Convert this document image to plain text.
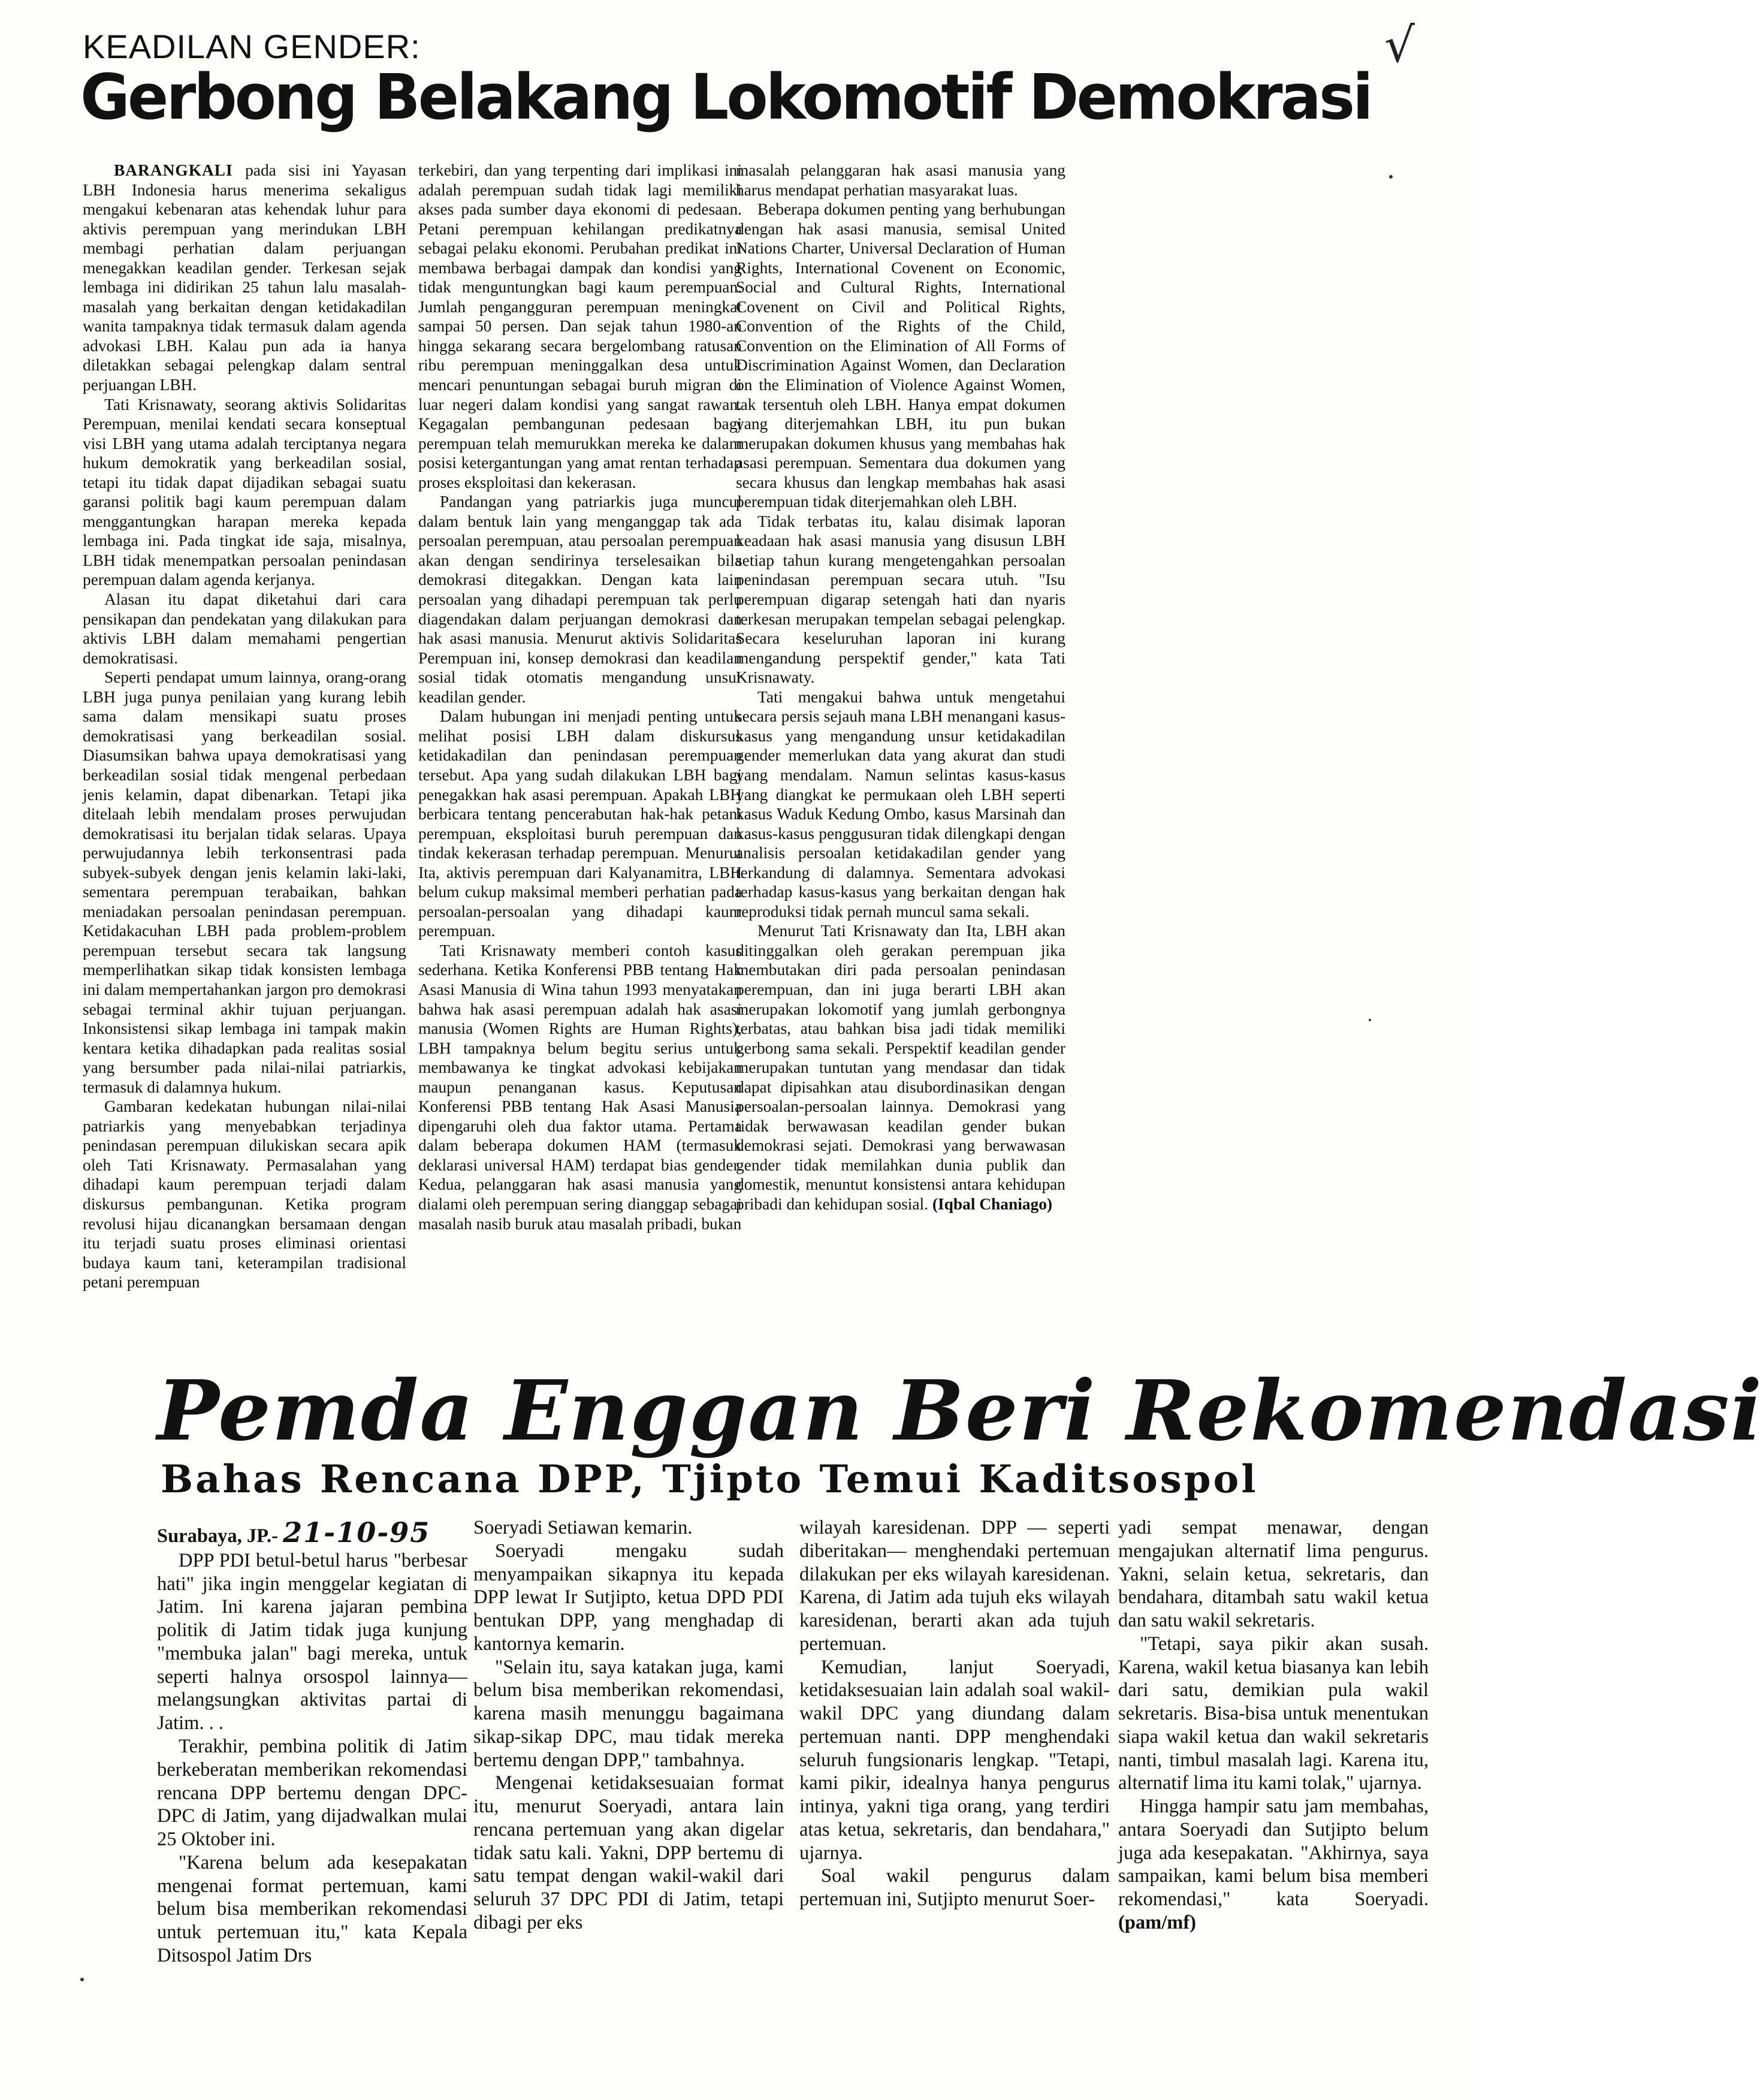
KEADILAN GENDER:	√
Gerbong Belakang Lokomotif Demokrasi

BARANGKALI pada sisi ini Yayasan LBH Indonesia harus menerima sekaligus mengakui kebenaran atas kehendak luhur para aktivis perempuan yang merindukan LBH membagi perhatian dalam perjuangan menegakkan keadilan gender. Terkesan sejak lembaga ini didirikan 25 tahun lalu masalah-masalah yang berkaitan dengan ketidakadilan wanita tampaknya tidak termasuk dalam agenda advokasi LBH. Kalau pun ada ia hanya diletakkan sebagai pelengkap dalam sentral perjuangan LBH.

Tati Krisnawaty, seorang aktivis Solidaritas Perempuan, menilai kendati secara konseptual visi LBH yang utama adalah terciptanya negara hukum demokratik yang berkeadilan sosial, tetapi itu tidak dapat dijadikan sebagai suatu garansi politik bagi kaum perempuan dalam menggantungkan harapan mereka kepada lembaga ini. Pada tingkat ide saja, misalnya, LBH tidak menempatkan persoalan penindasan perempuan dalam agenda kerjanya.

Alasan itu dapat diketahui dari cara pensikapan dan pendekatan yang dilakukan para aktivis LBH dalam memahami pengertian demokratisasi.

Seperti pendapat umum lainnya, orang-orang LBH juga punya penilaian yang kurang lebih sama dalam mensikapi suatu proses demokratisasi yang berkeadilan sosial. Diasumsikan bahwa upaya demokratisasi yang berkeadilan sosial tidak mengenal perbedaan jenis kelamin, dapat dibenarkan. Tetapi jika ditelaah lebih mendalam proses perwujudan demokratisasi itu berjalan tidak selaras. Upaya perwujudannya lebih terkonsentrasi pada subyek-subyek dengan jenis kelamin laki-laki, sementara perempuan terabaikan, bahkan meniadakan persoalan penindasan perempuan. Ketidakacuhan LBH pada problem-problem perempuan tersebut secara tak langsung memperlihatkan sikap tidak konsisten lembaga ini dalam mempertahankan jargon pro demokrasi sebagai terminal akhir tujuan perjuangan. Inkonsistensi sikap lembaga ini tampak makin kentara ketika dihadapkan pada realitas sosial yang bersumber pada nilai-nilai patriarkis, termasuk di dalamnya hukum.

Gambaran kedekatan hubungan nilai-nilai patriarkis yang menyebabkan terjadinya penindasan perempuan dilukiskan secara apik oleh Tati Krisnawaty. Permasalahan yang dihadapi kaum perempuan terjadi dalam diskursus pembangunan. Ketika program revolusi hijau dicanangkan bersamaan dengan itu terjadi suatu proses eliminasi orientasi budaya kaum tani, keterampilan tradisional petani perempuan

terkebiri, dan yang terpenting dari implikasi ini adalah perempuan sudah tidak lagi memiliki akses pada sumber daya ekonomi di pedesaan. Petani perempuan kehilangan predikatnya sebagai pelaku ekonomi. Perubahan predikat ini membawa berbagai dampak dan kondisi yang tidak menguntungkan bagi kaum perempuan. Jumlah pengangguran perempuan meningkat sampai 50 persen. Dan sejak tahun 1980-an hingga sekarang secara bergelombang ratusan ribu perempuan meninggalkan desa untuk mencari penuntungan sebagai buruh migran di luar negeri dalam kondisi yang sangat rawan. Kegagalan pembangunan pedesaan bagi perempuan telah memurukkan mereka ke dalam posisi ketergantungan yang amat rentan terhadap proses eksploitasi dan kekerasan.

Pandangan yang patriarkis juga muncul dalam bentuk lain yang menganggap tak ada persoalan perempuan, atau persoalan perempuan akan dengan sendirinya terselesaikan bila demokrasi ditegakkan. Dengan kata lain persoalan yang dihadapi perempuan tak perlu diagendakan dalam perjuangan demokrasi dan hak asasi manusia. Menurut aktivis Solidaritas Perempuan ini, konsep demokrasi dan keadilan sosial tidak otomatis mengandung unsur keadilan gender.

Dalam hubungan ini menjadi penting untuk melihat posisi LBH dalam diskursus ketidakadilan dan penindasan perempuan tersebut. Apa yang sudah dilakukan LBH bagi penegakkan hak asasi perempuan. Apakah LBH berbicara tentang pencerabutan hak-hak petani perempuan, eksploitasi buruh perempuan dan tindak kekerasan terhadap perempuan. Menurut Ita, aktivis perempuan dari Kalyanamitra, LBH belum cukup maksimal memberi perhatian pada persoalan-persoalan yang dihadapi kaum perempuan.

Tati Krisnawaty memberi contoh kasus sederhana. Ketika Konferensi PBB tentang Hak Asasi Manusia di Wina tahun 1993 menyatakan bahwa hak asasi perempuan adalah hak asasi manusia (Women Rights are Human Rights), LBH tampaknya belum begitu serius untuk membawanya ke tingkat advokasi kebijakan maupun penanganan kasus. Keputusan Konferensi PBB tentang Hak Asasi Manusia dipengaruhi oleh dua faktor utama. Pertama dalam beberapa dokumen HAM (termasuk deklarasi universal HAM) terdapat bias gender. Kedua, pelanggaran hak asasi manusia yang dialami oleh perempuan sering dianggap sebagai masalah nasib buruk atau masalah pribadi, bukan

masalah pelanggaran hak asasi manusia yang harus mendapat perhatian masyarakat luas.

Beberapa dokumen penting yang berhubungan dengan hak asasi manusia, semisal United Nations Charter, Universal Declaration of Human Rights, International Covenent on Economic, Social and Cultural Rights, International Covenent on Civil and Political Rights, Convention of the Rights of the Child, Convention on the Elimination of All Forms of Discrimination Against Women, dan Declaration on the Elimination of Violence Against Women, tak tersentuh oleh LBH. Hanya empat dokumen yang diterjemahkan LBH, itu pun bukan merupakan dokumen khusus yang membahas hak asasi perempuan. Sementara dua dokumen yang secara khusus dan lengkap membahas hak asasi perempuan tidak diterjemahkan oleh LBH.

Tidak terbatas itu, kalau disimak laporan keadaan hak asasi manusia yang disusun LBH setiap tahun kurang mengetengahkan persoalan penindasan perempuan secara utuh. "Isu perempuan digarap setengah hati dan nyaris terkesan merupakan tempelan sebagai pelengkap. Secara keseluruhan laporan ini kurang mengandung perspektif gender," kata Tati Krisnawaty.

Tati mengakui bahwa untuk mengetahui secara persis sejauh mana LBH menangani kasus-kasus yang mengandung unsur ketidakadilan gender memerlukan data yang akurat dan studi yang mendalam. Namun selintas kasus-kasus yang diangkat ke permukaan oleh LBH seperti kasus Waduk Kedung Ombo, kasus Marsinah dan kasus-kasus penggusuran tidak dilengkapi dengan analisis persoalan ketidakadilan gender yang terkandung di dalamnya. Sementara advokasi terhadap kasus-kasus yang berkaitan dengan hak reproduksi tidak pernah muncul sama sekali.

Menurut Tati Krisnawaty dan Ita, LBH akan ditinggalkan oleh gerakan perempuan jika membutakan diri pada persoalan penindasan perempuan, dan ini juga berarti LBH akan merupakan lokomotif yang jumlah gerbongnya terbatas, atau bahkan bisa jadi tidak memiliki gerbong sama sekali. Perspektif keadilan gender merupakan tuntutan yang mendasar dan tidak dapat dipisahkan atau disubordinasikan dengan persoalan-persoalan lainnya. Demokrasi yang tidak berwawasan keadilan gender bukan demokrasi sejati. Demokrasi yang berwawasan gender tidak memilahkan dunia publik dan domestik, menuntut konsistensi antara kehidupan pribadi dan kehidupan sosial. (Iqbal Chaniago)

Pemda Enggan Beri Rekomendasi
Bahas Rencana DPP, Tjipto Temui Kaditsospol

Surabaya, JP.- 21-10-95

DPP PDI betul-betul harus "berbesar hati" jika ingin menggelar kegiatan di Jatim. Ini karena jajaran pembina politik di Jatim tidak juga kunjung "membuka jalan" bagi mereka, untuk seperti halnya orsospol lainnya— melangsungkan aktivitas partai di Jatim. . .

Terakhir, pembina politik di Jatim berkeberatan memberikan rekomendasi rencana DPP bertemu dengan DPC-DPC di Jatim, yang dijadwalkan mulai 25 Oktober ini.

"Karena belum ada kesepakatan mengenai format pertemuan, kami belum bisa memberikan rekomendasi untuk pertemuan itu," kata Kepala Ditsospol Jatim Drs

Soeryadi Setiawan kemarin.

Soeryadi mengaku sudah menyampaikan sikapnya itu kepada DPP lewat Ir Sutjipto, ketua DPD PDI bentukan DPP, yang menghadap di kantornya kemarin.

"Selain itu, saya katakan juga, kami belum bisa memberikan rekomendasi, karena masih menunggu bagaimana sikap-sikap DPC, mau tidak mereka bertemu dengan DPP," tambahnya.

Mengenai ketidaksesuaian format itu, menurut Soeryadi, antara lain rencana pertemuan yang akan digelar tidak satu kali. Yakni, DPP bertemu di satu tempat dengan wakil-wakil dari seluruh 37 DPC PDI di Jatim, tetapi dibagi per eks

wilayah karesidenan. DPP — seperti diberitakan— menghendaki pertemuan dilakukan per eks wilayah karesidenan. Karena, di Jatim ada tujuh eks wilayah karesidenan, berarti akan ada tujuh pertemuan.

Kemudian, lanjut Soeryadi, ketidaksesuaian lain adalah soal wakil-wakil DPC yang diundang dalam pertemuan nanti. DPP menghendaki seluruh fungsionaris lengkap. "Tetapi, kami pikir, idealnya hanya pengurus intinya, yakni tiga orang, yang terdiri atas ketua, sekretaris, dan bendahara," ujarnya.

Soal wakil pengurus dalam pertemuan ini, Sutjipto menurut Soer-

yadi sempat menawar, dengan mengajukan alternatif lima pengurus. Yakni, selain ketua, sekretaris, dan bendahara, ditambah satu wakil ketua dan satu wakil sekretaris.

"Tetapi, saya pikir akan susah. Karena, wakil ketua biasanya kan lebih dari satu, demikian pula wakil sekretaris. Bisa-bisa untuk menentukan siapa wakil ketua dan wakil sekretaris nanti, timbul masalah lagi. Karena itu, alternatif lima itu kami tolak," ujarnya.

Hingga hampir satu jam membahas, antara Soeryadi dan Sutjipto belum juga ada kesepakatan. "Akhirnya, saya sampaikan, kami belum bisa memberi rekomendasi," kata Soeryadi. (pam/mf)
